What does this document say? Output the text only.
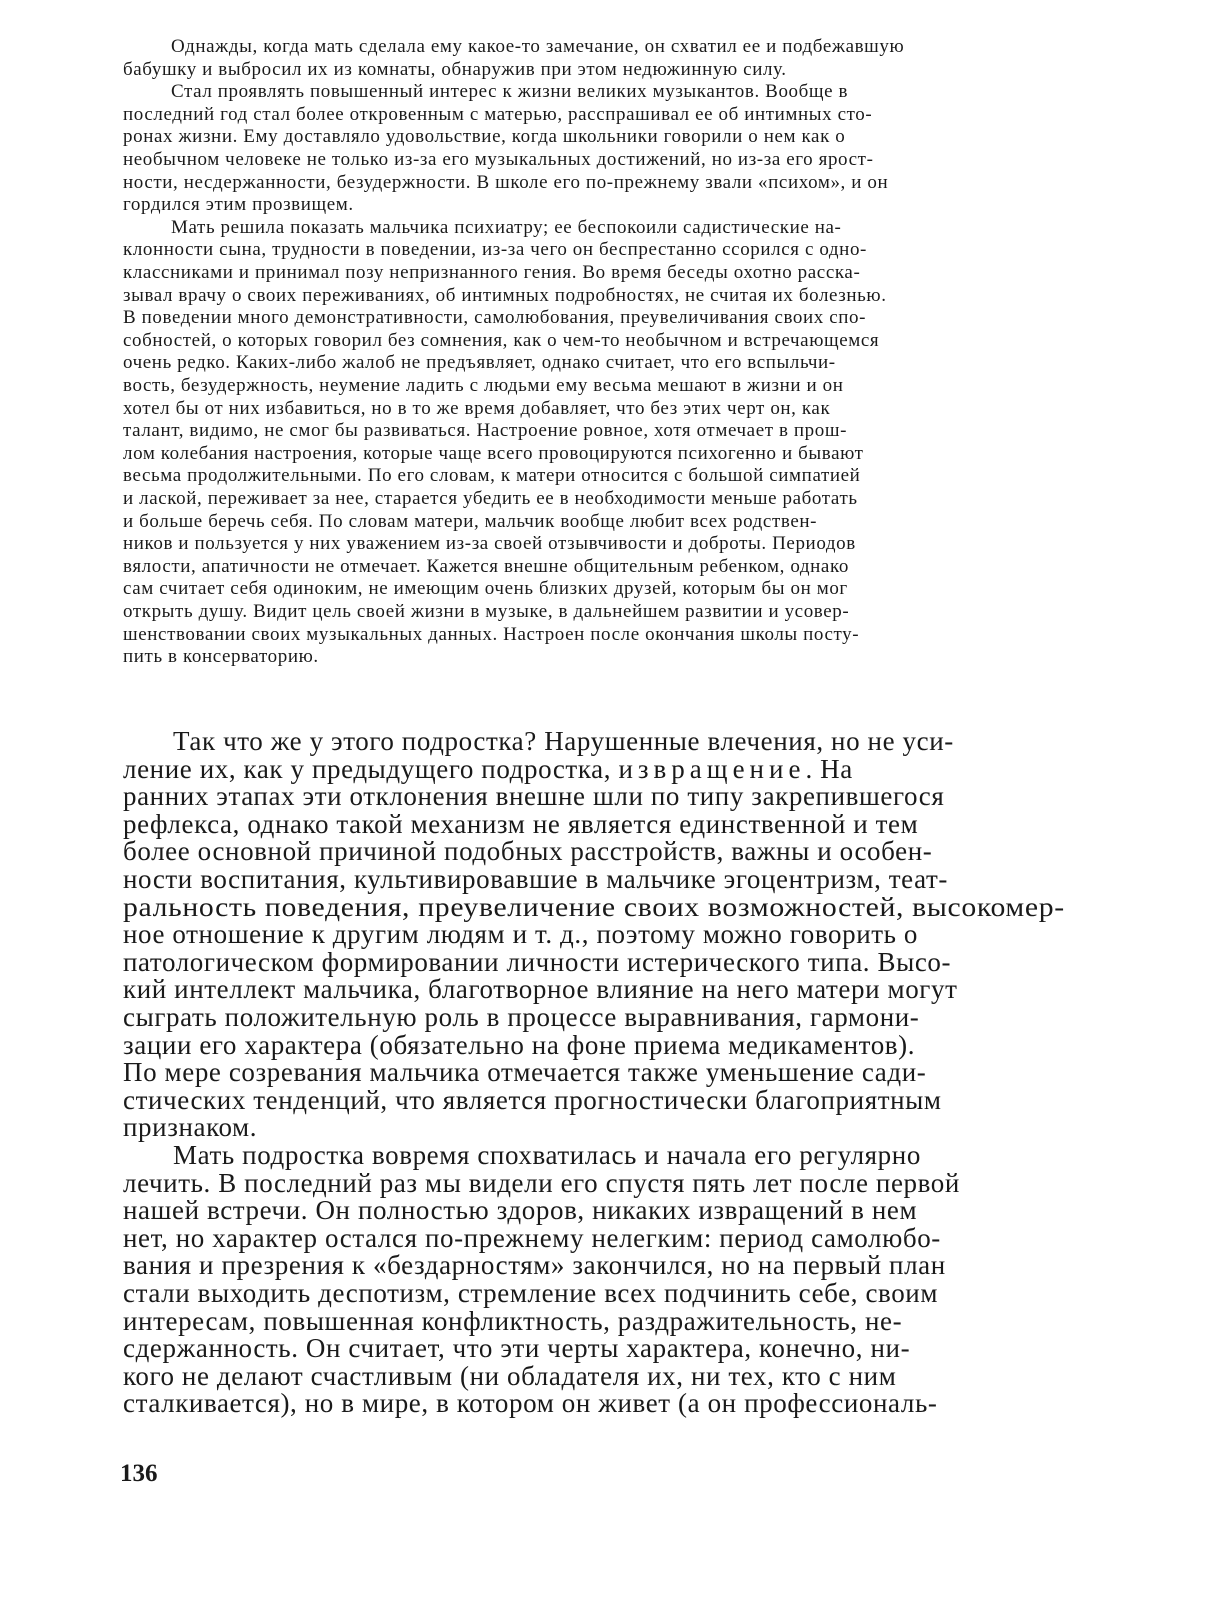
Однажды, когда мать сделала ему какое-то замечание, он схватил ее и подбежавшую

бабушку и выбросил их из комнаты, обнаружив при этом недюжинную силу.

Стал проявлять повышенный интерес к жизни великих музыкантов. Вообще в

последний год стал более откровенным с матерью, расспрашивал ее об интимных сто-

ронах жизни. Ему доставляло удовольствие, когда школьники говорили о нем как о

необычном человеке не только из-за его музыкальных достижений, но из-за его ярост-

ности, несдержанности, безудержности. В школе его по-прежнему звали «психом», и он

гордился этим прозвищем.

Мать решила показать мальчика психиатру; ее беспокоили садистические на-

клонности сына, трудности в поведении, из-за чего он беспрестанно ссорился с одно-

классниками и принимал позу непризнанного гения. Во время беседы охотно расска-

зывал врачу о своих переживаниях, об интимных подробностях, не считая их болезнью.

В поведении много демонстративности, самолюбования, преувеличивания своих спо-

собностей, о которых говорил без сомнения, как о чем-то необычном и встречающемся

очень редко. Каких-либо жалоб не предъявляет, однако считает, что его вспыльчи-

вость, безудержность, неумение ладить с людьми ему весьма мешают в жизни и он

хотел бы от них избавиться, но в то же время добавляет, что без этих черт он, как

талант, видимо, не смог бы развиваться. Настроение ровное, хотя отмечает в прош-

лом колебания настроения, которые чаще всего провоцируются психогенно и бывают

весьма продолжительными. По его словам, к матери относится с большой симпатией

и лаской, переживает за нее, старается убедить ее в необходимости меньше работать

и больше беречь себя. По словам матери, мальчик вообще любит всех родствен-

ников и пользуется у них уважением из-за своей отзывчивости и доброты. Периодов

вялости, апатичности не отмечает. Кажется внешне общительным ребенком, однако

сам считает себя одиноким, не имеющим очень близких друзей, которым бы он мог

открыть душу. Видит цель своей жизни в музыке, в дальнейшем развитии и усовер-

шенствовании своих музыкальных данных. Настроен после окончания школы посту-

пить в консерваторию.

Так что же у этого подростка? Нарушенные влечения, но не уси-

ление их, как у предыдущего подростка, извращение. На

ранних этапах эти отклонения внешне шли по типу закрепившегося

рефлекса, однако такой механизм не является единственной и тем

более основной причиной подобных расстройств, важны и особен-

ности воспитания, культивировавшие в мальчике эгоцентризм, теат-

ральность поведения, преувеличение своих возможностей, высокомер-

ное отношение к другим людям и т. д., поэтому можно говорить о

патологическом формировании личности истерического типа. Высо-

кий интеллект мальчика, благотворное влияние на него матери могут

сыграть положительную роль в процессе выравнивания, гармони-

зации его характера (обязательно на фоне приема медикаментов).

По мере созревания мальчика отмечается также уменьшение сади-

стических тенденций, что является прогностически благоприятным

признаком.

Мать подростка вовремя спохватилась и начала его регулярно

лечить. В последний раз мы видели его спустя пять лет после первой

нашей встречи. Он полностью здоров, никаких извращений в нем

нет, но характер остался по-прежнему нелегким: период самолюбо-

вания и презрения к «бездарностям» закончился, но на первый план

стали выходить деспотизм, стремление всех подчинить себе, своим

интересам, повышенная конфликтность, раздражительность, не-

сдержанность. Он считает, что эти черты характера, конечно, ни-

кого не делают счастливым (ни обладателя их, ни тех, кто с ним

сталкивается), но в мире, в котором он живет (а он профессиональ-

136
